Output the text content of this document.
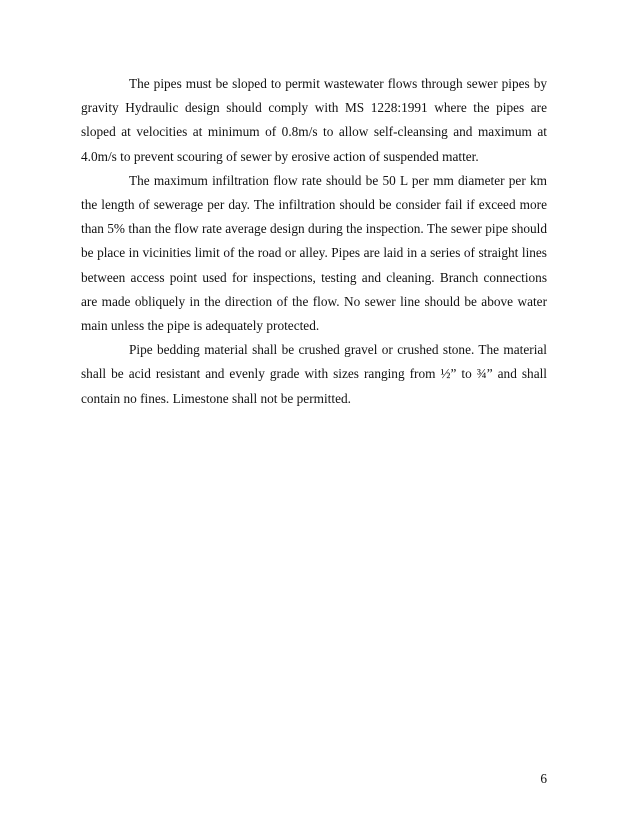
The pipes must be sloped to permit wastewater flows through sewer pipes by gravity Hydraulic design should comply with MS 1228:1991 where the pipes are sloped at velocities at minimum of 0.8m/s to allow self-cleansing and maximum at 4.0m/s to prevent scouring of sewer by erosive action of suspended matter.

The maximum infiltration flow rate should be 50 L per mm diameter per km the length of sewerage per day. The infiltration should be consider fail if exceed more than 5% than the flow rate average design during the inspection. The sewer pipe should be place in vicinities limit of the road or alley. Pipes are laid in a series of straight lines between access point used for inspections, testing and cleaning. Branch connections are made obliquely in the direction of the flow. No sewer line should be above water main unless the pipe is adequately protected.

Pipe bedding material shall be crushed gravel or crushed stone. The material shall be acid resistant and evenly grade with sizes ranging from ½” to ¾” and shall contain no fines. Limestone shall not be permitted.

6
